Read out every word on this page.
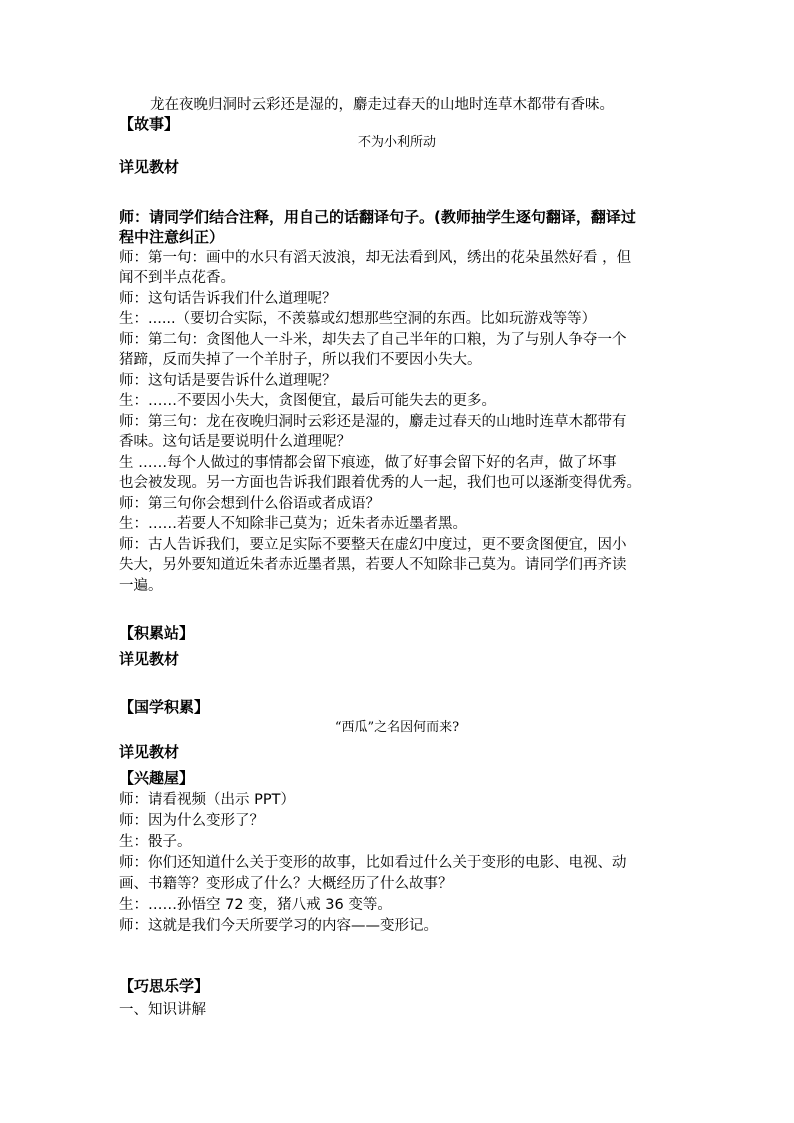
龙在夜晚归洞时云彩还是湿的，麝走过春天的山地时连草木都带有香味。
【故事】
不为小利所动
详见教材
师：请同学们结合注释，用自己的话翻译句子。(教师抽学生逐句翻译，翻译过
程中注意纠正）
师：第一句：画中的水只有滔天波浪，却无法看到风，绣出的花朵虽然好看 ，但
闻不到半点花香。
师：这句话告诉我们什么道理呢？
生：......（要切合实际，不羡慕或幻想那些空洞的东西。比如玩游戏等等）
师：第二句：贪图他人一斗米，却失去了自己半年的口粮，为了与别人争夺一个
猪蹄，反而失掉了一个羊肘子，所以我们不要因小失大。
师：这句话是要告诉什么道理呢？
生：……不要因小失大，贪图便宜，最后可能失去的更多。
师：第三句：龙在夜晚归洞时云彩还是湿的，麝走过春天的山地时连草木都带有
香味。这句话是要说明什么道理呢？
生 ……每个人做过的事情都会留下痕迹，做了好事会留下好的名声，做了坏事
也会被发现。另一方面也告诉我们跟着优秀的人一起，我们也可以逐渐变得优秀。
师：第三句你会想到什么俗语或者成语？
生：……若要人不知除非己莫为；近朱者赤近墨者黑。
师：古人告诉我们，要立足实际不要整天在虚幻中度过，更不要贪图便宜，因小
失大，另外要知道近朱者赤近墨者黑，若要人不知除非己莫为。请同学们再齐读
一遍。
【积累站】
详见教材
【国学积累】
“西瓜”之名因何而来?
详见教材
【兴趣屋】
师：请看视频（出示 PPT）
师：因为什么变形了？
生：骰子。
师：你们还知道什么关于变形的故事，比如看过什么关于变形的电影、电视、动
画、书籍等？变形成了什么？大概经历了什么故事？
生：……孙悟空 72 变，猪八戒 36 变等。
师：这就是我们今天所要学习的内容——变形记。
【巧思乐学】
一、知识讲解
